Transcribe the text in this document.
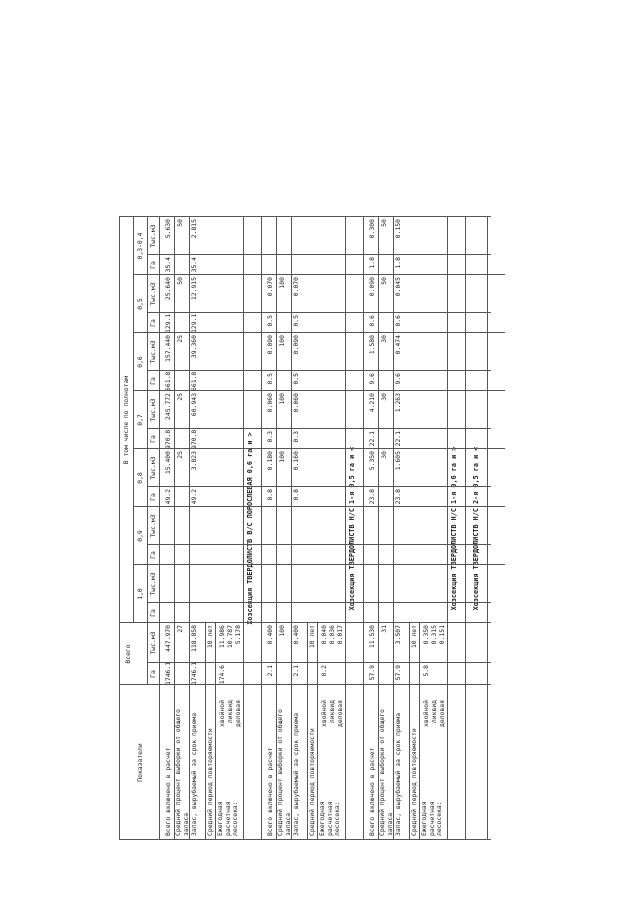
Показатели
Всего
В том числе по полнотам
Га
Тыс.м3
1,0
Га
Тыс.м3
0,9
Га
Тыс.м3
0,8
Га
Тыс.м3
0,7
Га
Тыс.м3
0,6
Га
Тыс.м3
0,5
Га
Тыс.м3
0,3-0,4
Га
Тыс.м3
Всего включено в расчет Средний процент выборки от общего запаса Запас, вырубаемый за срок приема Средний период повторяемости Ежегодная расчетная лесосека:
хвойной ликвид деловая
1746.1
447.970 27
1746.1
118.858 10 лет
174.6
11.986 10.787 5.178
49.2
15.400 25
49.2
3.823
970.8
245.772 25
970.8
60.943
661.8
157.440 25
661.8
39.360
129.1
25.640 50
129.1
12.915
35.4
5.630 50
35.4
2.815
Хозсекция ТВЕРДОЛИСТВ В/С ПОРОСЛЕВАЯ 0,6 га и >
Всего включено в расчет Средний процент выборки от общего запаса Запас, вырубаемый за срок приема Средний период повторяемости Ежегодная расчетная лесосека:
хвойной ликвид деловая
2.1
0.400 100
2.1
0.400 10 лет
0.2
0.040 0.036 0.017
0.8
0.180 100
0.8
0.160
0.3
0.060 100
0.3
0.060
0.5
0.090 100
0.5
0.090
0.5
0.070 100
0.5
0.070
Хозсекция ТВЕРДОЛИСТВ Н/С 1-я 0,5 га и <
Всего включено в расчет Средний процент выборки от общего запаса Запас, вырубаемый за срок приема Средний период повторяемости Ежегодная расчетная лесосека:
хвойной ликвид деловая
57.9
11.530 31
57.9
3.507 10 лет
5.8
0.350 0.315 0.151
23.8
5.350 30
23.8
1.605
22.1
4.210 30
22.1
1.263
9.6
1.580 30
9.6
0.474
0.6
0.090 50
0.6
0.045
1.8
0.300 50
1.8
0.150
Хозсекция ТВЕРДОЛИСТВ Н/С 1-я 0,6 га и > Хозсекция ТВЕРДОЛИСТВ Н/С 2-я 0,5 га и <
